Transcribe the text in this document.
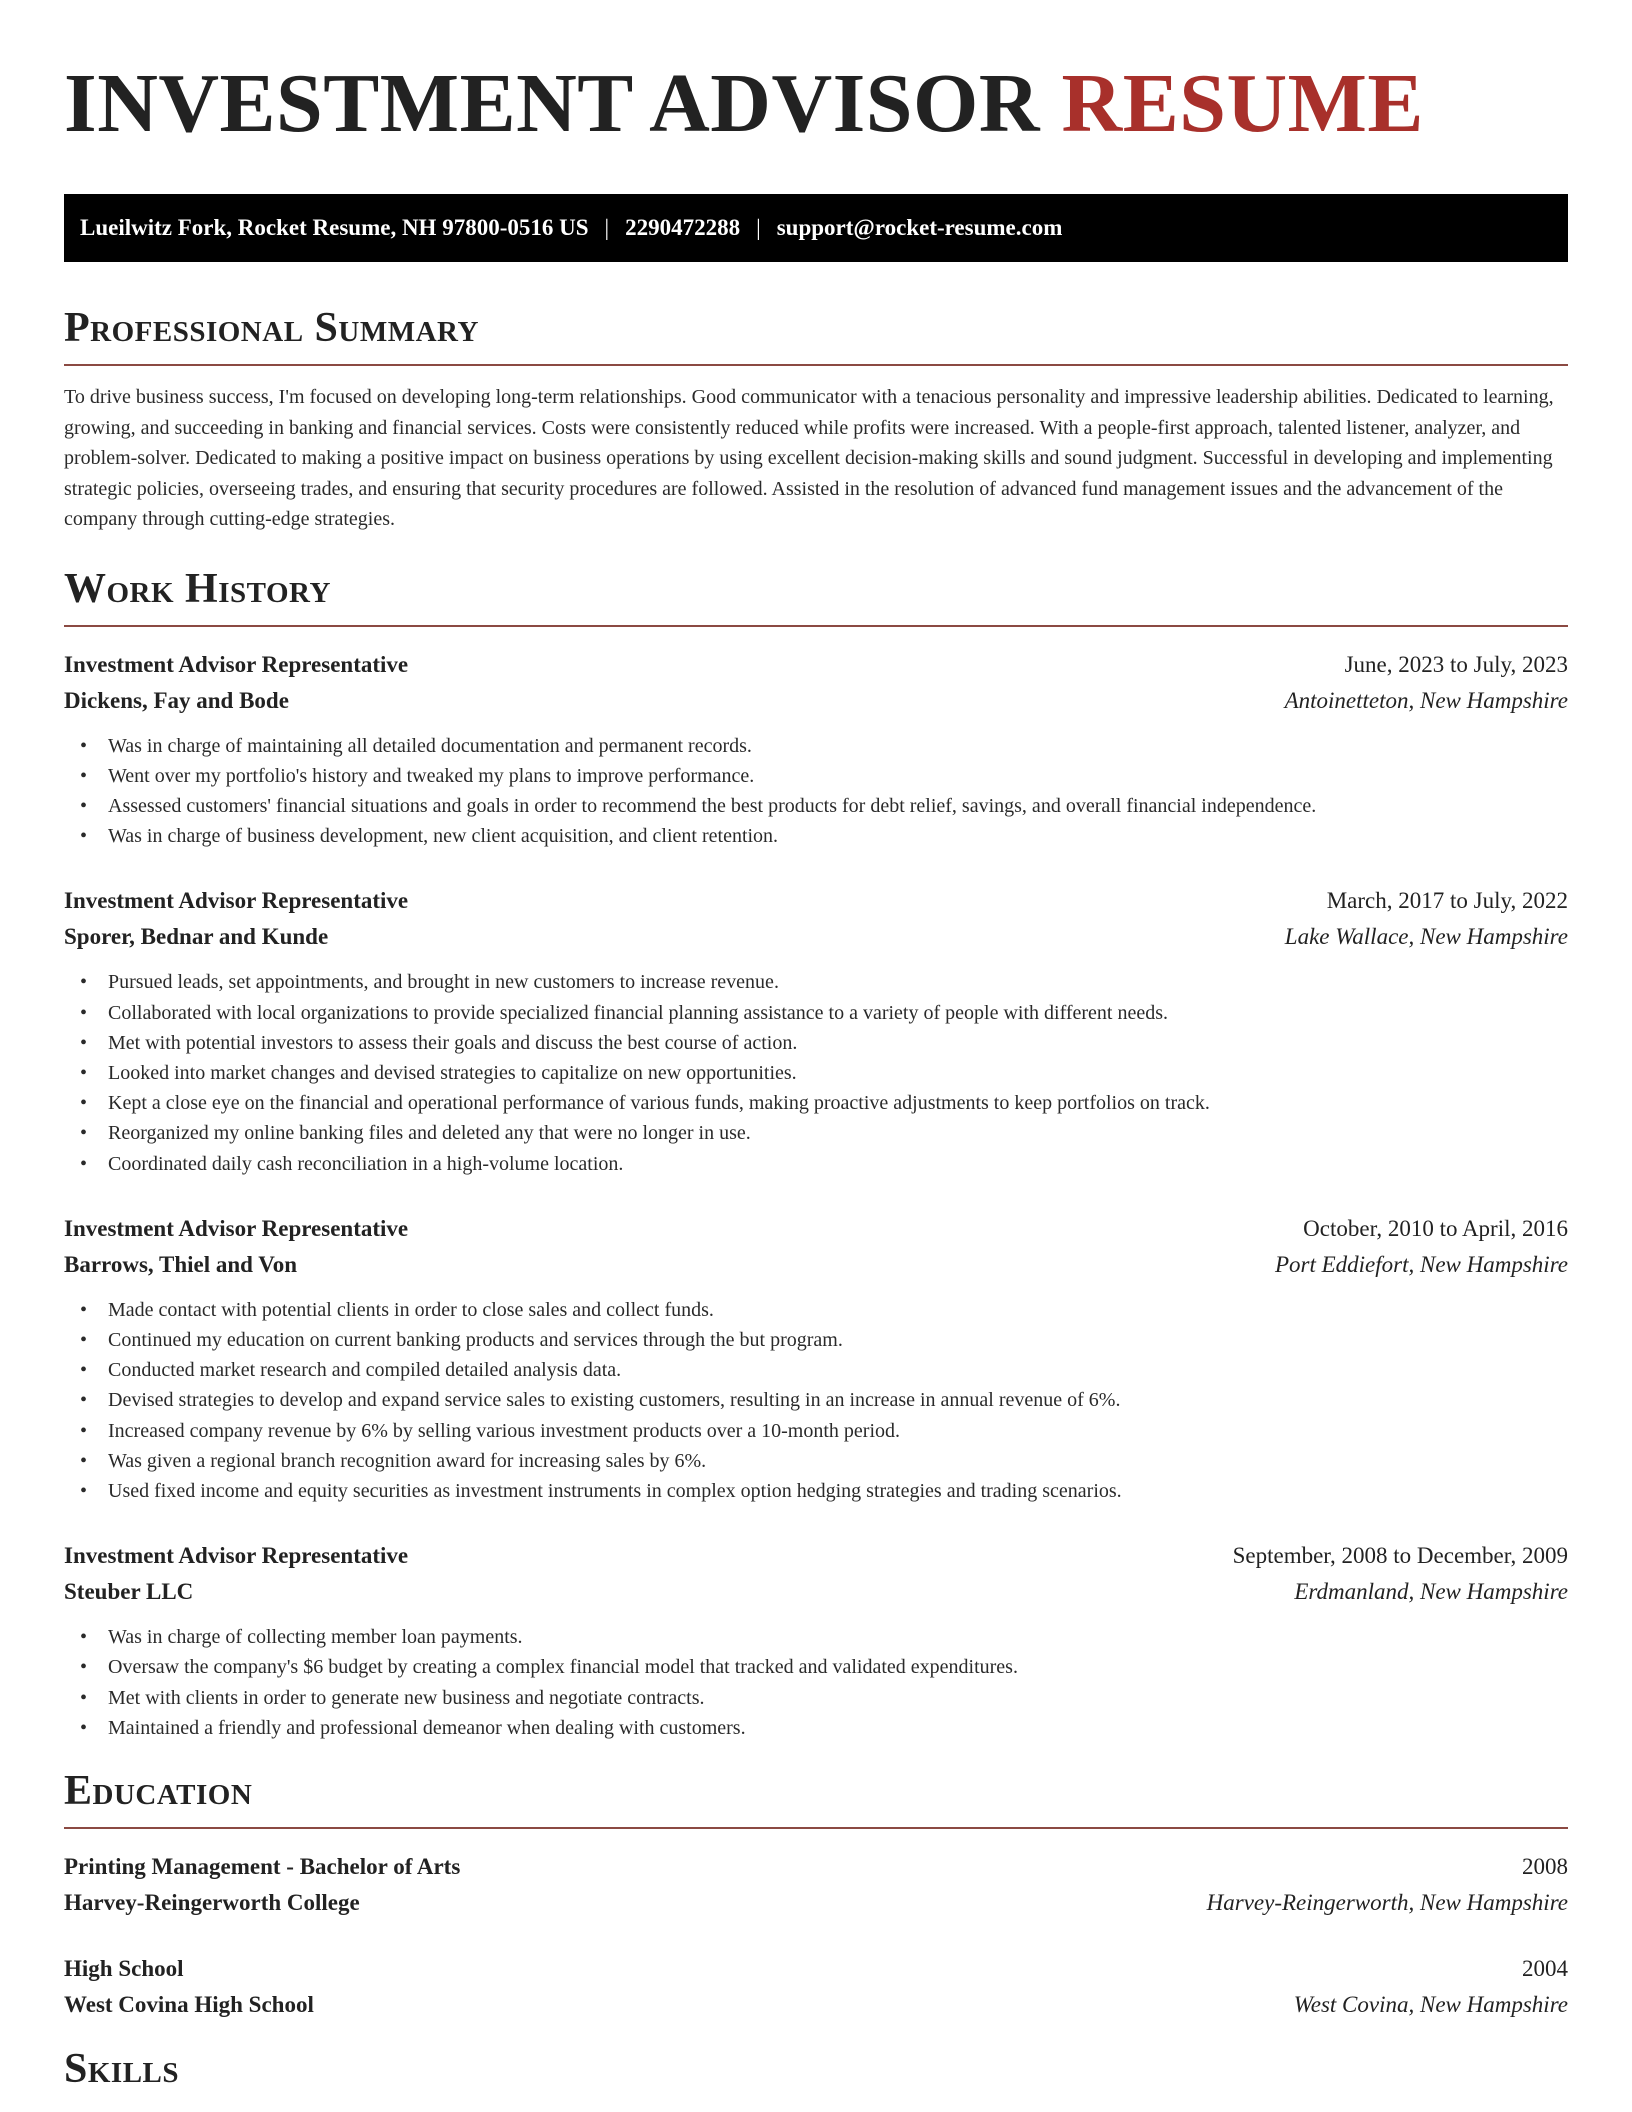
INVESTMENT ADVISOR RESUME
Lueilwitz Fork, Rocket Resume, NH 97800-0516 US | 2290472288 | support@rocket-resume.com
Professional Summary

To drive business success, I'm focused on developing long-term relationships. Good communicator with a tenacious personality and impressive leadership abilities. Dedicated to learning, growing, and succeeding in banking and financial services. Costs were consistently reduced while profits were increased. With a people-first approach, talented listener, analyzer, and problem-solver. Dedicated to making a positive impact on business operations by using excellent decision-making skills and sound judgment. Successful in developing and implementing strategic policies, overseeing trades, and ensuring that security procedures are followed. Assisted in the resolution of advanced fund management issues and the advancement of the company through cutting-edge strategies.

Work History
Investment Advisor Representative	June, 2023 to July, 2023
Dickens, Fay and Bode	Antoinetteton, New Hampshire
• Was in charge of maintaining all detailed documentation and permanent records.
• Went over my portfolio's history and tweaked my plans to improve performance.
• Assessed customers' financial situations and goals in order to recommend the best products for debt relief, savings, and overall financial independence.
• Was in charge of business development, new client acquisition, and client retention.
Investment Advisor Representative	March, 2017 to July, 2022
Sporer, Bednar and Kunde	Lake Wallace, New Hampshire
• Pursued leads, set appointments, and brought in new customers to increase revenue.
• Collaborated with local organizations to provide specialized financial planning assistance to a variety of people with different needs.
• Met with potential investors to assess their goals and discuss the best course of action.
• Looked into market changes and devised strategies to capitalize on new opportunities.
• Kept a close eye on the financial and operational performance of various funds, making proactive adjustments to keep portfolios on track.
• Reorganized my online banking files and deleted any that were no longer in use.
• Coordinated daily cash reconciliation in a high-volume location.
Investment Advisor Representative	October, 2010 to April, 2016
Barrows, Thiel and Von	Port Eddiefort, New Hampshire
• Made contact with potential clients in order to close sales and collect funds.
• Continued my education on current banking products and services through the but program.
• Conducted market research and compiled detailed analysis data.
• Devised strategies to develop and expand service sales to existing customers, resulting in an increase in annual revenue of 6%.
• Increased company revenue by 6% by selling various investment products over a 10-month period.
• Was given a regional branch recognition award for increasing sales by 6%.
• Used fixed income and equity securities as investment instruments in complex option hedging strategies and trading scenarios.
Investment Advisor Representative	September, 2008 to December, 2009
Steuber LLC	Erdmanland, New Hampshire
• Was in charge of collecting member loan payments.
• Oversaw the company's $6 budget by creating a complex financial model that tracked and validated expenditures.
• Met with clients in order to generate new business and negotiate contracts.
• Maintained a friendly and professional demeanor when dealing with customers.
Education
Printing Management - Bachelor of Arts	2008
Harvey-Reingerworth College	Harvey-Reingerworth, New Hampshire
High School	2004
West Covina High School	West Covina, New Hampshire
Skills
